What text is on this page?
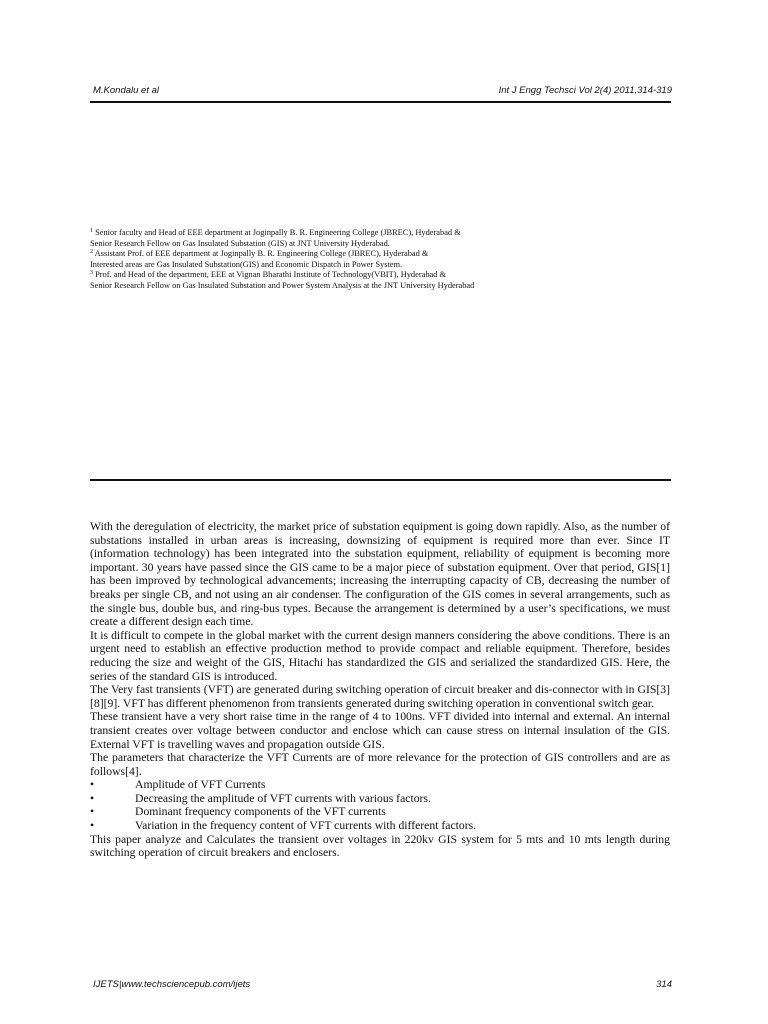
M.Kondalu et al	Int J Engg Techsci Vol 2(4) 2011,314-319

$^1$ Senior faculty and Head of EEE department at Joginpally B. R. Engineering College (JBREC), Hyderabad &

Senior Research Fellow on Gas Insulated Substation (GIS) at JNT University Hyderabad.

$^2$ Assistant Prof. of EEE department at Joginpally B. R. Engineering College (JBREC), Hyderabad &

Interested areas are Gas Insulated Substation(GIS) and Economic Dispatch in Power System.

$^3$ Prof. and Head of the department, EEE at Vignan Bharathi Institute of Technology(VBIT), Hyderabad &

Senior Research Fellow on Gas Insulated Substation and Power System Analysis at the JNT University Hyderabad

With the deregulation of electricity, the market price of substation equipment is going down rapidly. Also, as the number of substations installed in urban areas is increasing, downsizing of equipment is required more than ever. Since IT (information technology) has been integrated into the substation equipment, reliability of equipment is becoming more important. 30 years have passed since the GIS came to be a major piece of substation equipment. Over that period, GIS[1] has been improved by technological advancements; increasing the interrupting capacity of CB, decreasing the number of breaks per single CB, and not using an air condenser. The configuration of the GIS comes in several arrangements, such as the single bus, double bus, and ring-bus types. Because the arrangement is determined by a user’s specifications, we must create a different design each time.

It is difficult to compete in the global market with the current design manners considering the above conditions. There is an urgent need to establish an effective production method to provide compact and reliable equipment. Therefore, besides reducing the size and weight of the GIS, Hitachi has standardized the GIS and serialized the standardized GIS. Here, the series of the standard GIS is introduced.

The Very fast transients (VFT) are generated during switching operation of circuit breaker and dis-connector with in GIS[3][8][9]. VFT has different phenomenon from transients generated during switching operation in conventional switch gear.

These transient have a very short raise time in the range of 4 to 100ns. VFT divided into internal and external. An internal transient creates over voltage between conductor and enclose which can cause stress on internal insulation of the GIS. External VFT is travelling waves and propagation outside GIS.

The parameters that characterize the VFT Currents are of more relevance for the protection of GIS controllers and are as follows[4].

•	Amplitude of VFT Currents
•	Decreasing the amplitude of VFT currents with various factors.
•	Dominant frequency components of the VFT currents
•	Variation in the frequency content of VFT currents with different factors.

This paper analyze and Calculates the transient over voltages in 220kv GIS system for 5 mts and 10 mts length during switching operation of circuit breakers and enclosers.

IJETS|www.techsciencepub.com/ijets	314
